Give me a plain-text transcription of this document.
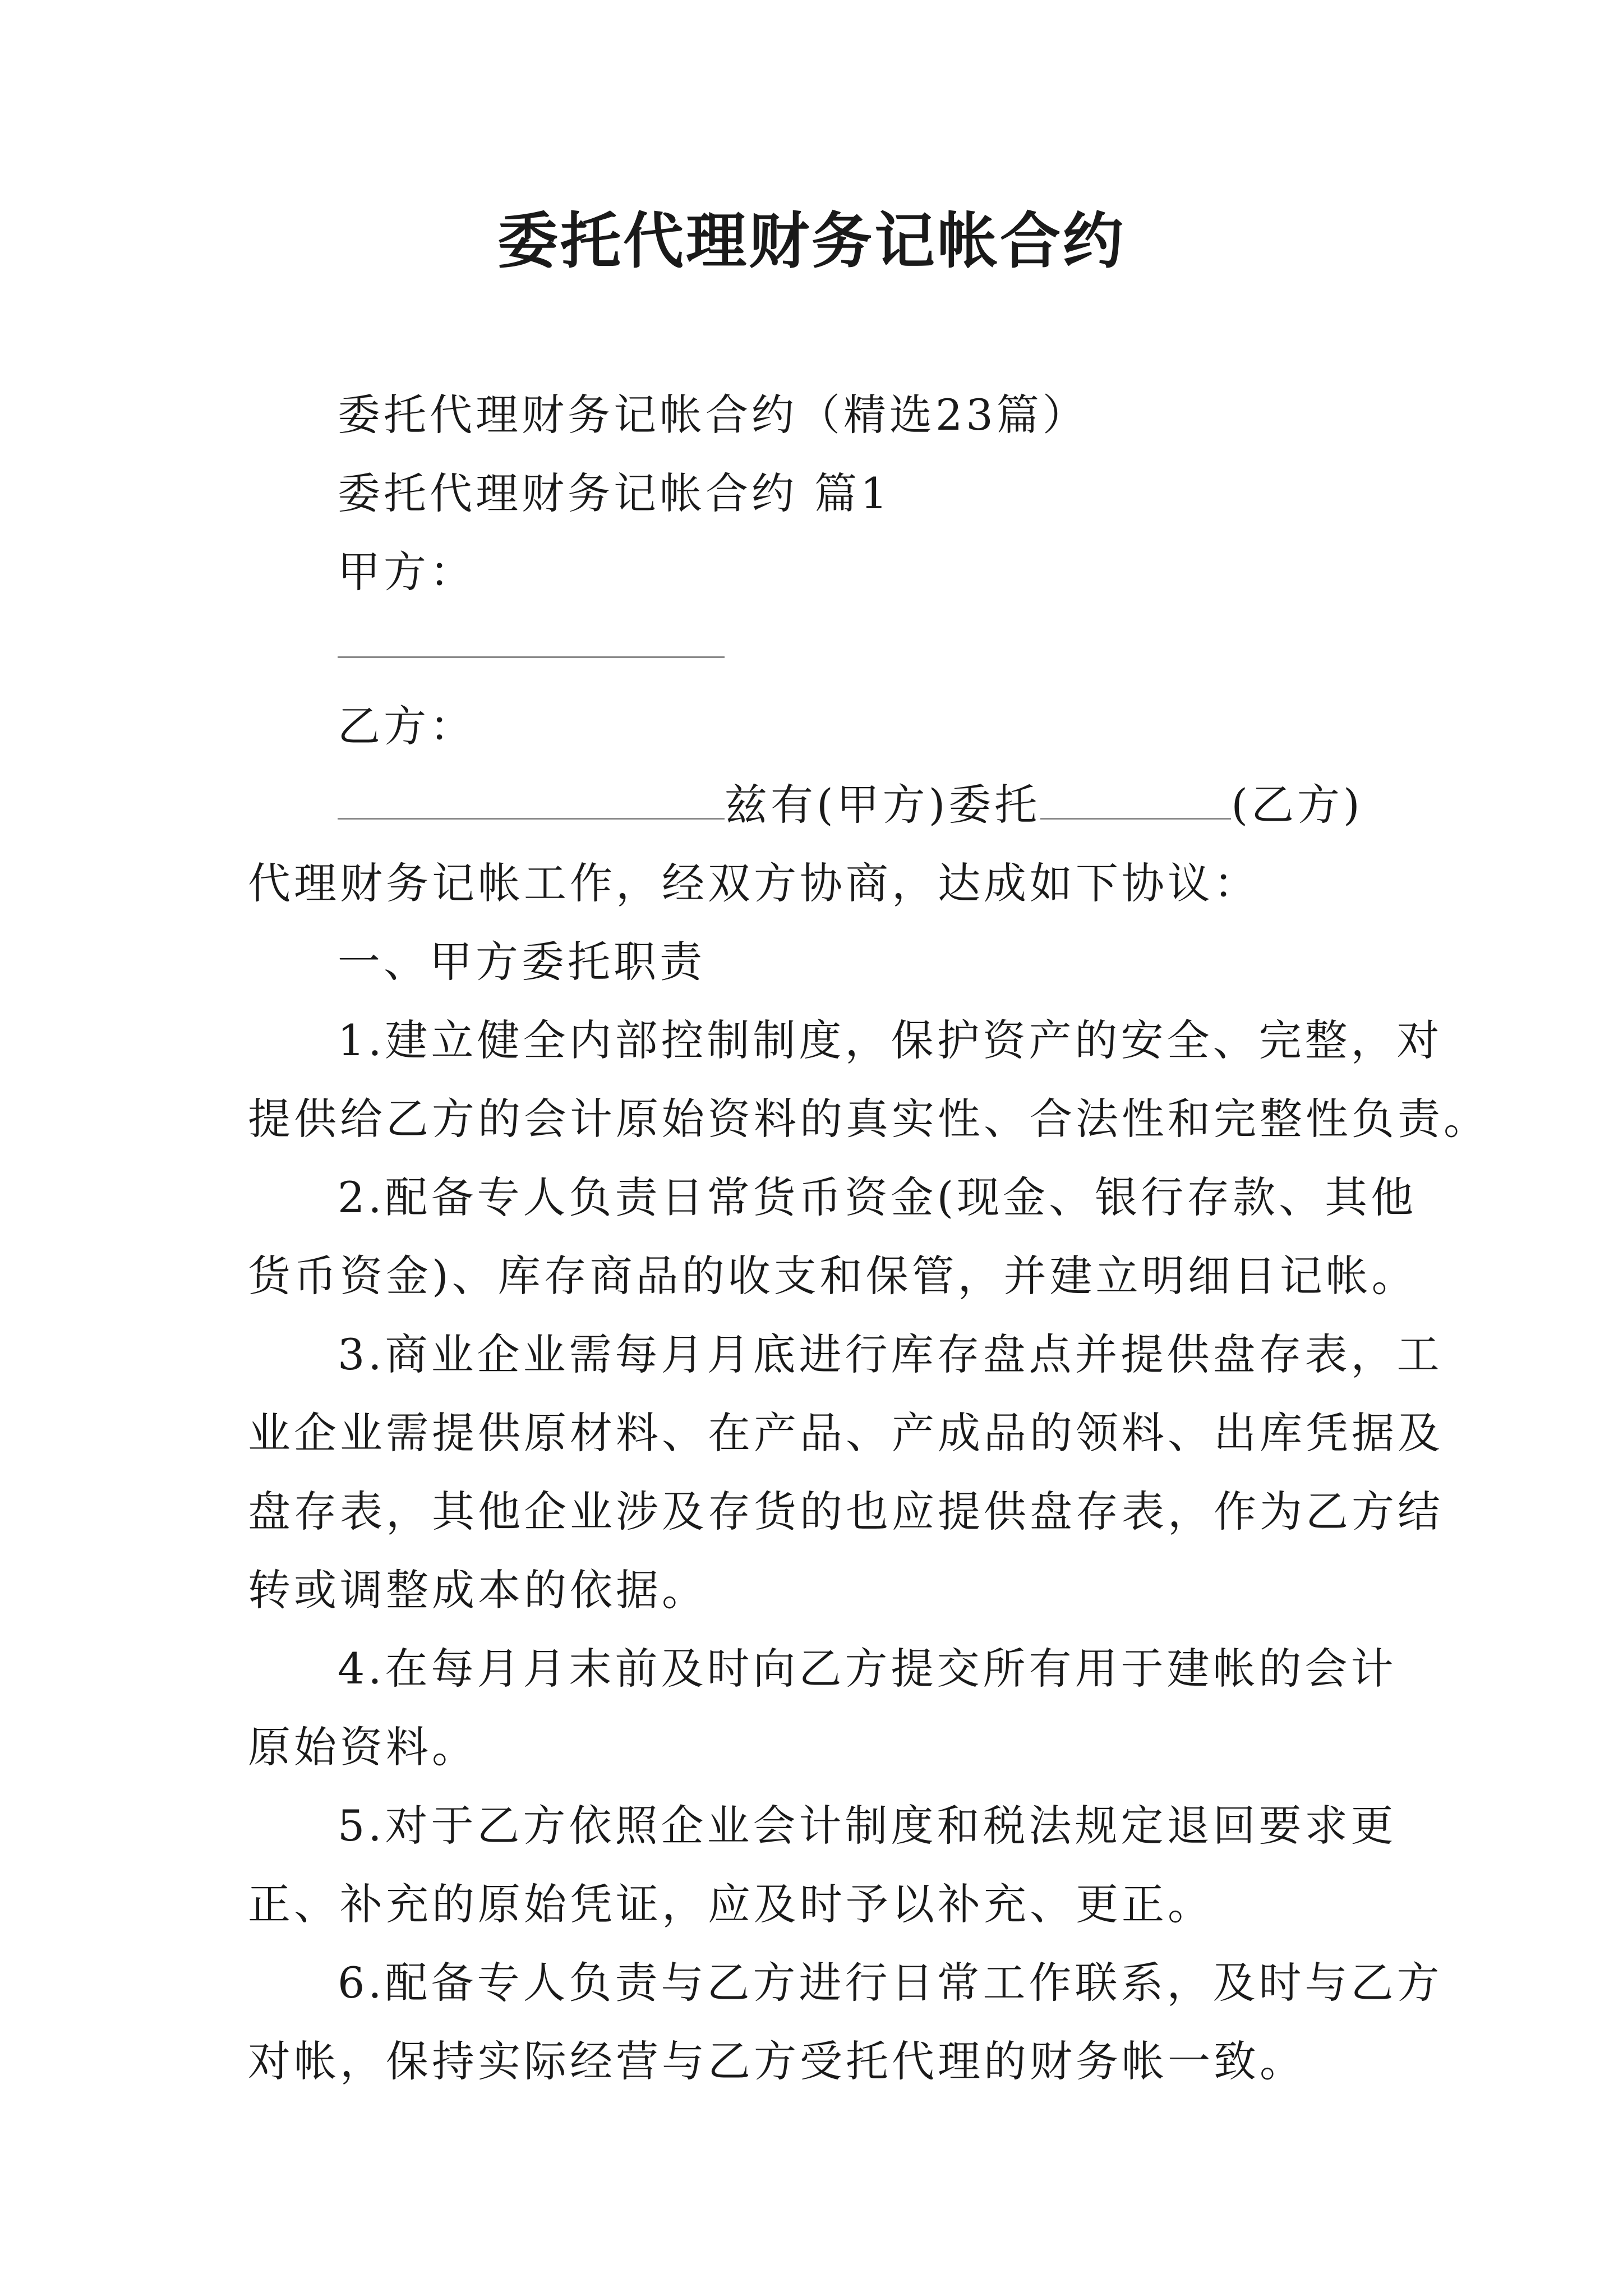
委托代理财务记帐合约
委托代理财务记帐合约（精选23篇）
委托代理财务记帐合约 篇1
甲方：
乙方：
兹有(甲方)委托	(乙方)
代理财务记帐工作，经双方协商，达成如下协议：
一、甲方委托职责
1.建立健全内部控制制度，保护资产的安全、完整，对
提供给乙方的会计原始资料的真实性、合法性和完整性负责。
2.配备专人负责日常货币资金(现金、银行存款、其他
货币资金)、库存商品的收支和保管，并建立明细日记帐。
3.商业企业需每月月底进行库存盘点并提供盘存表，工
业企业需提供原材料、在产品、产成品的领料、出库凭据及
盘存表，其他企业涉及存货的也应提供盘存表，作为乙方结
转或调整成本的依据。
4.在每月月末前及时向乙方提交所有用于建帐的会计
原始资料。
5.对于乙方依照企业会计制度和税法规定退回要求更
正、补充的原始凭证，应及时予以补充、更正。
6.配备专人负责与乙方进行日常工作联系，及时与乙方
对帐，保持实际经营与乙方受托代理的财务帐一致。
